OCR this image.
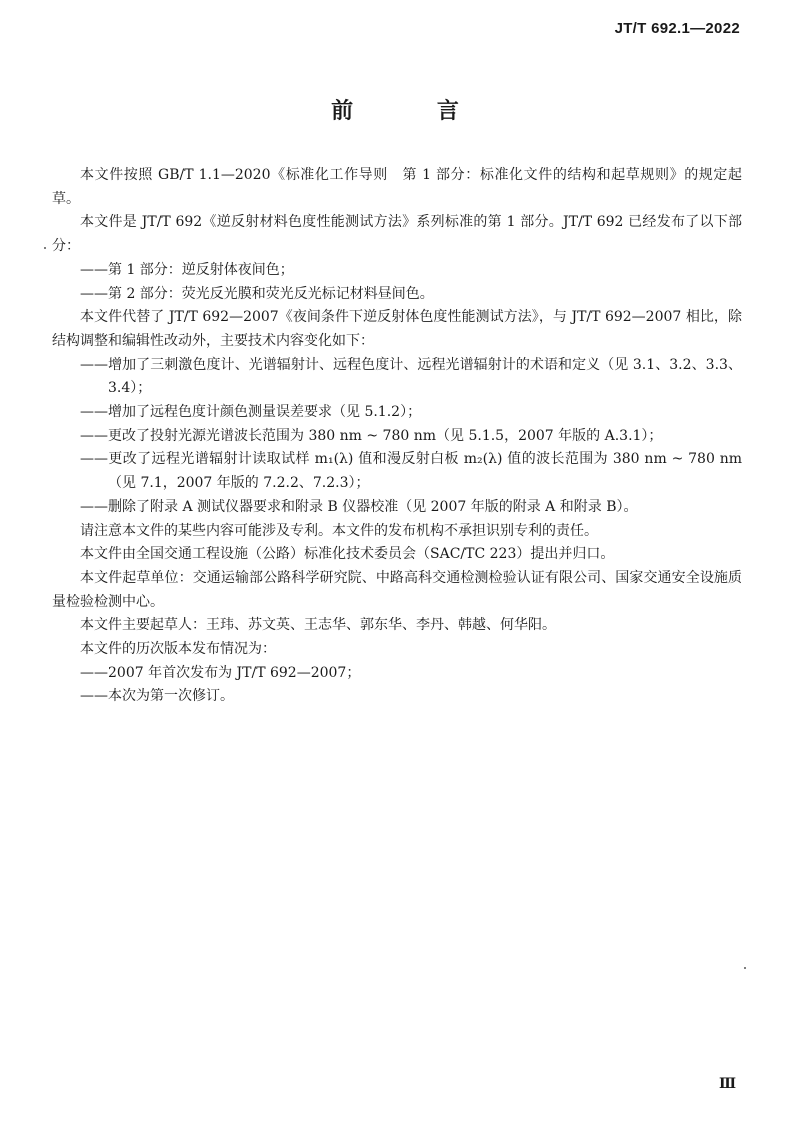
JT/T 692.1—2022
前 言

本文件按照 GB/T 1.1—2020《标准化工作导则　第 1 部分：标准化文件的结构和起草规则》的规定起草。

本文件是 JT/T 692《逆反射材料色度性能测试方法》系列标准的第 1 部分。JT/T 692 已经发布了以下部分：

——第 1 部分：逆反射体夜间色；

——第 2 部分：荧光反光膜和荧光反光标记材料昼间色。

本文件代替了 JT/T 692—2007《夜间条件下逆反射体色度性能测试方法》，与 JT/T 692—2007 相比，除结构调整和编辑性改动外，主要技术内容变化如下：

——增加了三刺激色度计、光谱辐射计、远程色度计、远程光谱辐射计的术语和定义（见 3.1、3.2、3.3、3.4）；

——增加了远程色度计颜色测量误差要求（见 5.1.2）；

——更改了投射光源光谱波长范围为 380 nm ~ 780 nm（见 5.1.5，2007 年版的 A.3.1）；

——更改了远程光谱辐射计读取试样 m₁(λ) 值和漫反射白板 m₂(λ) 值的波长范围为 380 nm ~ 780 nm（见 7.1，2007 年版的 7.2.2、7.2.3）；

——删除了附录 A 测试仪器要求和附录 B 仪器校准（见 2007 年版的附录 A 和附录 B）。

请注意本文件的某些内容可能涉及专利。本文件的发布机构不承担识别专利的责任。

本文件由全国交通工程设施（公路）标准化技术委员会（SAC/TC 223）提出并归口。

本文件起草单位：交通运输部公路科学研究院、中路高科交通检测检验认证有限公司、国家交通安全设施质量检验检测中心。

本文件主要起草人：王玮、苏文英、王志华、郭东华、李丹、韩越、何华阳。

本文件的历次版本发布情况为：

——2007 年首次发布为 JT/T 692—2007；

——本次为第一次修订。

Ⅲ
